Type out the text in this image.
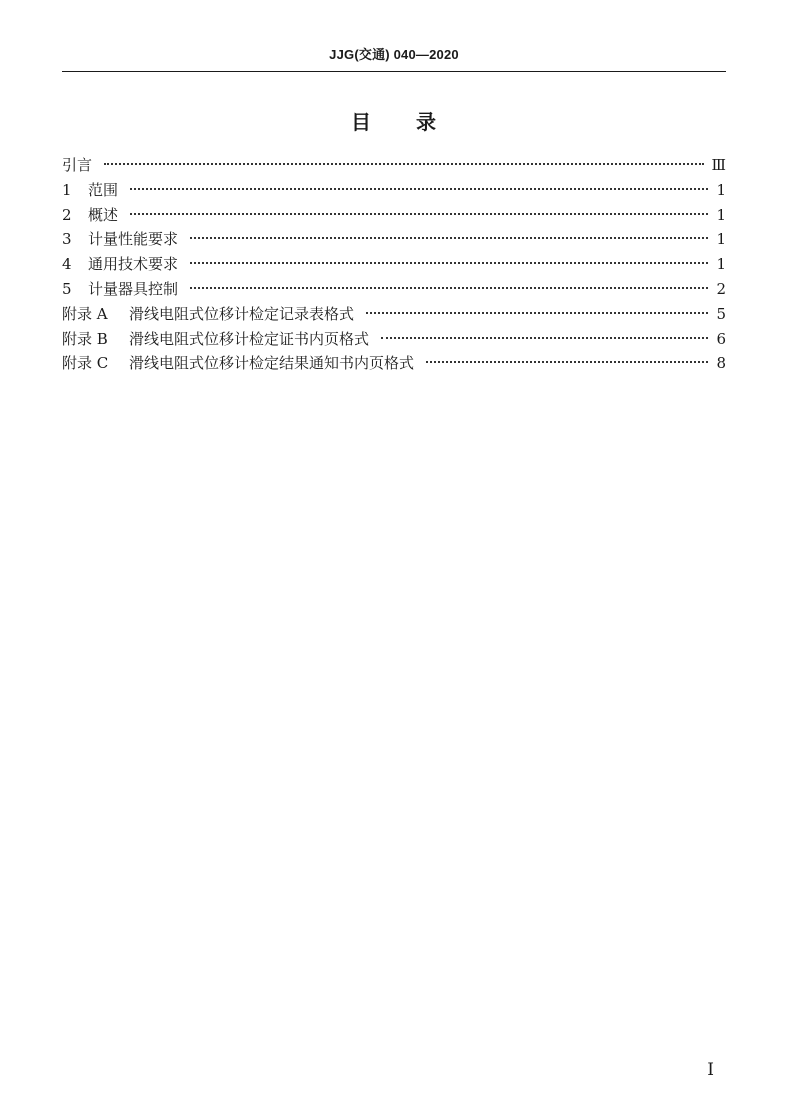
JJG(交通) 040—2020
目 录
引言	Ⅲ
1	范围	1
2	概述	1
3	计量性能要求	1
4	通用技术要求	1
5	计量器具控制	2
附录 A	滑线电阻式位移计检定记录表格式	5
附录 B	滑线电阻式位移计检定证书内页格式	6
附录 C	滑线电阻式位移计检定结果通知书内页格式	8
Ⅰ
